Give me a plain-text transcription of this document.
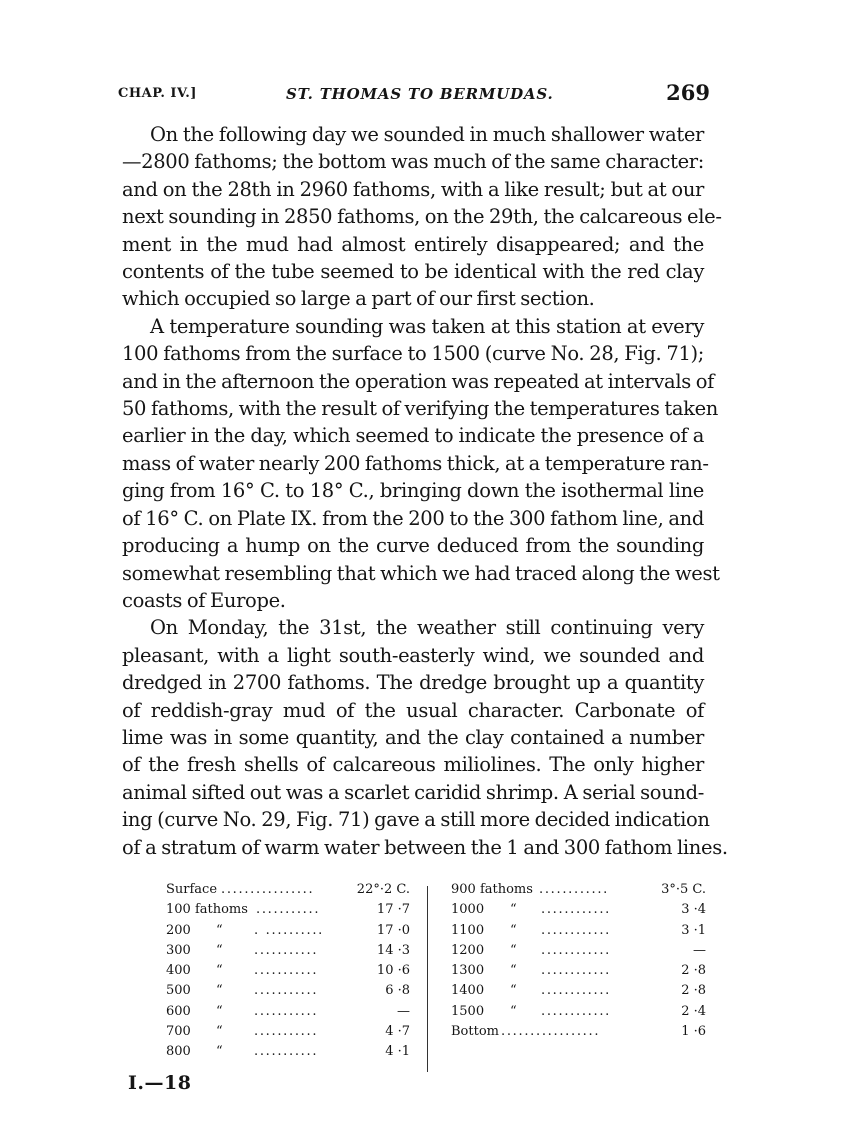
CHAP. IV.]	ST. THOMAS TO BERMUDAS.	269
On the following day we sounded in much shallower water
—2800 fathoms; the bottom was much of the same character:
and on the 28th in 2960 fathoms, with a like result; but at our
next sounding in 2850 fathoms, on the 29th, the calcareous ele-
ment in the mud had almost entirely disappeared; and the
contents of the tube seemed to be identical with the red clay
which occupied so large a part of our first section.
A temperature sounding was taken at this station at every
100 fathoms from the surface to 1500 (curve No. 28, Fig. 71);
and in the afternoon the operation was repeated at intervals of
50 fathoms, with the result of verifying the temperatures taken
earlier in the day, which seemed to indicate the presence of a
mass of water nearly 200 fathoms thick, at a temperature ran-
ging from 16° C. to 18° C., bringing down the isothermal line
of 16° C. on Plate IX. from the 200 to the 300 fathom line, and
producing a hump on the curve deduced from the sounding
somewhat resembling that which we had traced along the west
coasts of Europe.
On Monday, the 31st, the weather still continuing very
pleasant, with a light south-easterly wind, we sounded and
dredged in 2700 fathoms. The dredge brought up a quantity
of reddish-gray mud of the usual character. Carbonate of
lime was in some quantity, and the clay contained a number
of the fresh shells of calcareous miliolines. The only higher
animal sifted out was a scarlet caridid shrimp. A serial sound-
ing (curve No. 29, Fig. 71) gave a still more decided indication
of a stratum of warm water between the 1 and 300 fathom lines.
Surface ................	22°·2 C.
100 fathoms ...........	17 ·7
200 “ . ..........	17 ·0
300 “ ...........	14 ·3
400 “ ...........	10 ·6
500 “ ...........	6 ·8
600 “ ...........	—
700 “ ...........	4 ·7
800 “ ...........	4 ·1
900 fathoms ............	3°·5 C.
1000 “ ............	3 ·4
1100 “ ............	3 ·1
1200 “ ............	—
1300 “ ............	2 ·8
1400 “ ............	2 ·8
1500 “ ............	2 ·4
Bottom .................	1 ·6
I.—18
